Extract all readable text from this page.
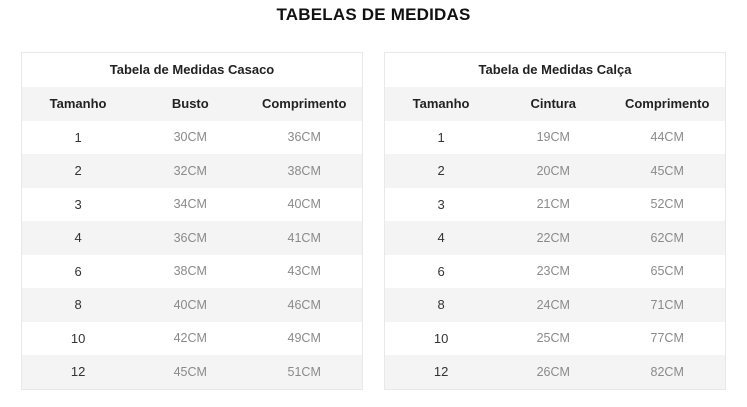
TABELAS DE MEDIDAS
Tabela de Medidas Casaco
Tamanho	Busto	Comprimento
1	30CM	36CM
2	32CM	38CM
3	34CM	40CM
4	36CM	41CM
6	38CM	43CM
8	40CM	46CM
10	42CM	49CM
12	45CM	51CM
Tabela de Medidas Calça
Tamanho	Cintura	Comprimento
1	19CM	44CM
2	20CM	45CM
3	21CM	52CM
4	22CM	62CM
6	23CM	65CM
8	24CM	71CM
10	25CM	77CM
12	26CM	82CM
